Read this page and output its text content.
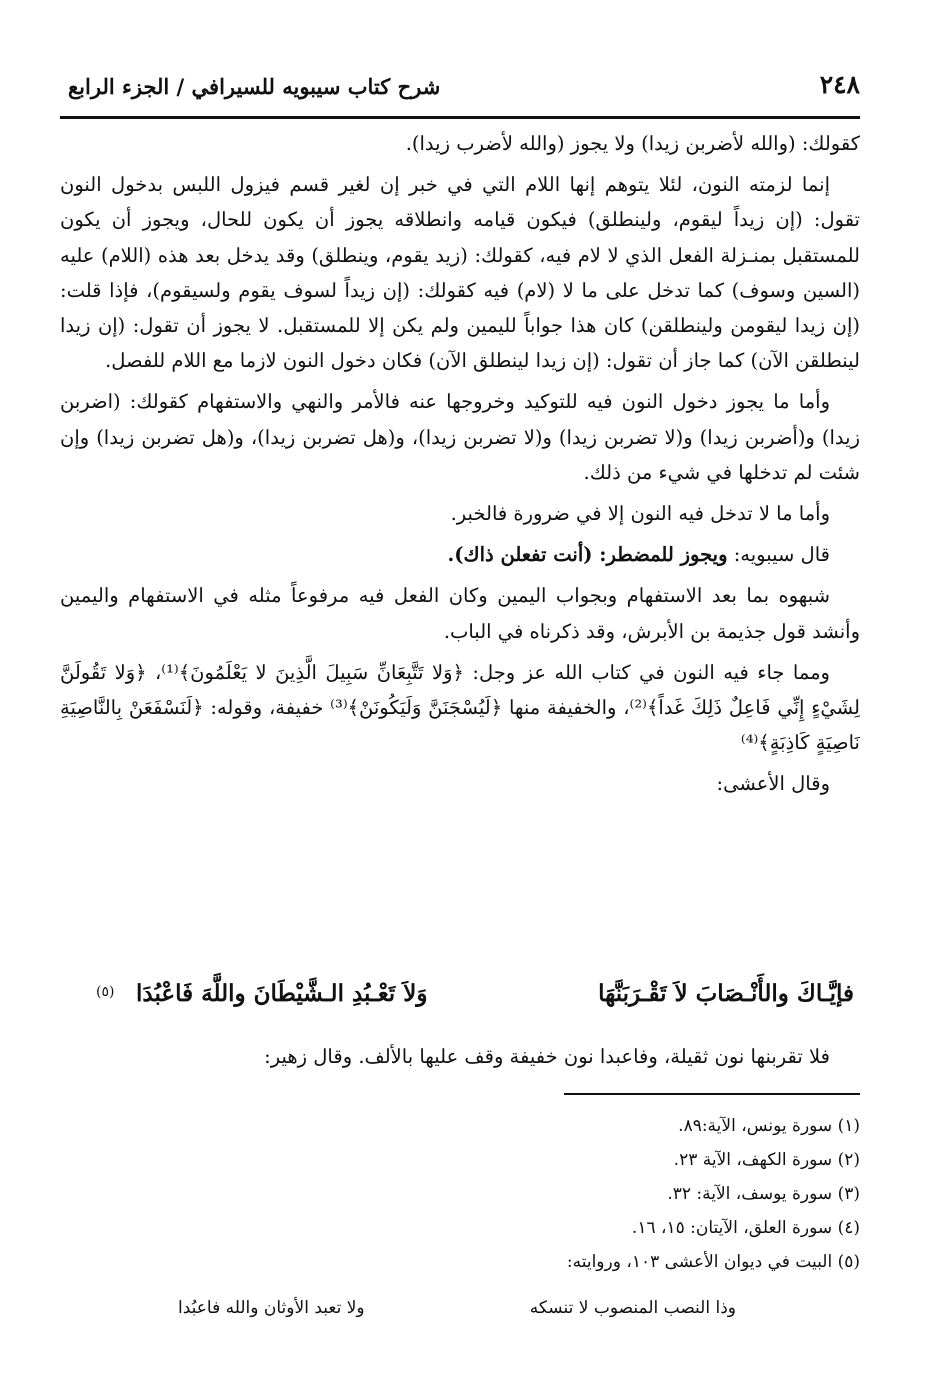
٢٤٨
شرح كتاب سيبويه للسيرافي / الجزء الرابع

كقولك: (والله لأضربن زيدا) ولا يجوز (والله لأضرب زيدا).

إنما لزمته النون، لئلا يتوهم إنها اللام التي في خبر إن لغير قسم فيزول اللبس بدخول النون تقول: (إن زيداً ليقوم، ولينطلق) فيكون قيامه وانطلاقه يجوز أن يكون للحال، ويجوز أن يكون للمستقبل بمنـزلة الفعل الذي لا لام فيه، كقولك: (زيد يقوم، وينطلق) وقد يدخل بعد هذه (اللام) عليه (السين وسوف) كما تدخل على ما لا (لام) فيه كقولك: (إن زيداً لسوف يقوم ولسيقوم)، فإذا قلت: (إن زيدا ليقومن ولينطلقن) كان هذا جواباً لليمين ولم يكن إلا للمستقبل. لا يجوز أن تقول: (إن زيدا لينطلقن الآن) كما جاز أن تقول: (إن زيدا لينطلق الآن) فكان دخول النون لازما مع اللام للفصل.

وأما ما يجوز دخول النون فيه للتوكيد وخروجها عنه فالأمر والنهي والاستفهام كقولك: (اضربن زيدا) و(أضربن زيدا) و(لا تضربن زيدا) و(لا تضربن زيدا)، و(هل تضربن زيدا)، و(هل تضربن زيدا) وإن شئت لم تدخلها في شيء من ذلك.

وأما ما لا تدخل فيه النون إلا في ضرورة فالخبر.

قال سيبويه: ويجوز للمضطر: (أنت تفعلن ذاك).

شبهوه بما بعد الاستفهام وبجواب اليمين وكان الفعل فيه مرفوعاً مثله في الاستفهام واليمين وأنشد قول جذيمة بن الأبرش، وقد ذكرناه في الباب.

ومما جاء فيه النون في كتاب الله عز وجل: ﴿وَلا تَتَّبِعَانِّ سَبِيلَ الَّذِينَ لا يَعْلَمُونَ﴾⁽¹⁾، ﴿وَلا تَقُولَنَّ لِشَيْءٍ إِنِّي فَاعِلٌ ذَلِكَ غَداً﴾⁽²⁾، والخفيفة منها ﴿لَيُسْجَنَنَّ وَلَيَكُونَنْ﴾⁽³⁾ خفيفة، وقوله: ﴿لَنَسْفَعَنْ بِالنَّاصِيَةِ نَاصِيَةٍ كَاذِبَةٍ﴾⁽⁴⁾

وقال الأعشى:

فإيَّـاكَ والأَنْـصَابَ لاَ تَقْـرَبَنَّهَا
وَلاَ تَعْـبُدِ الـشَّيْطَانَ واللَّهَ فَاعْبُدَا
(٥)
فلا تقربنها نون ثقيلة، وفاعبدا نون خفيفة وقف عليها بالألف. وقال زهير:
(١) سورة يونس، الآية:٨٩.
(٢) سورة الكهف، الآية ٢٣.
(٣) سورة يوسف، الآية: ٣٢.
(٤) سورة العلق، الآيتان: ١٥، ١٦.
(٥) البيت في ديوان الأعشى ١٠٣، وروايته:
وذا النصب المنصوب لا تنسكه
ولا تعبد الأوثان والله فاعبُدا
